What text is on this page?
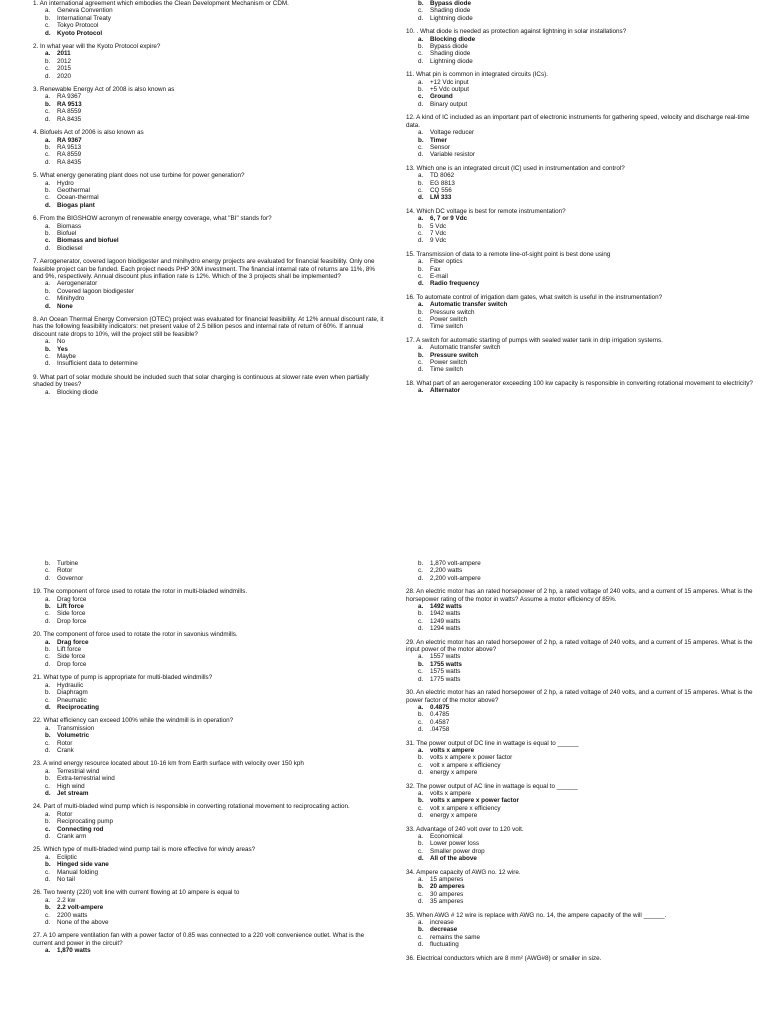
1. An international agreement which embodies the Clean Development Mechanism or CDM.
a. Geneva Convention
b. International Treaty
c. Tokyo Protocol
d. Kyoto Protocol
2. In what year will the Kyoto Protocol expire?
a. 2011
b. 2012
c. 2015
d. 2020
3. Renewable Energy Act of 2008 is also known as
a. RA 9367
b. RA 9513
c. RA 8559
d. RA 8435
4. Biofuels Act of 2006 is also known as
a. RA 9367
b. RA 9513
c. RA 8559
d. RA 8435
5. What energy generating plant does not use turbine for power generation?
a. Hydro
b. Geothermal
c. Ocean-thermal
d. Biogas plant
6. From the BIGSHOW acronym of renewable energy coverage, what "BI" stands for?
a. Biomass
b. Biofuel
c. Biomass and biofuel
d. Biodiesel
7. Aerogenerator, covered lagoon biodigester and minihydro energy projects are evaluated for financial feasibility. Only one feasible project can be funded. Each project needs PHP 30M investment. The financial internal rate of returns are 11%, 8% and 9%, respectively. Annual discount plus inflation rate is 12%. Which of the 3 projects shall be implemented?
a. Aerogenerator
b. Covered lagoon biodigester
c. Minihydro
d. None
8. An Ocean Thermal Energy Conversion (OTEC) project was evaluated for financial feasibility. At 12% annual discount rate, it has the following feasibility indicators: net present value of 2.5 billion pesos and internal rate of return of 60%. If annual discount rate drops to 10%, will the project still be feasible?
a. No
b. Yes
c. Maybe
d. Insufficient data to determine
9. What part of solar module should be included such that solar charging is continuous at slower rate even when partially shaded by trees?
a. Blocking diode
b. Bypass diode
c. Shading diode
d. Lightning diode
10. . What diode is needed as protection against lightning in solar installations?
a. Blocking diode
b. Bypass diode
c. Shading diode
d. Lightning diode
11. What pin is common in integrated circuits (ICs).
a. +12 Vdc input
b. +5 Vdc output
c. Ground
d. Binary output
12. A kind of IC included as an important part of electronic instruments for gathering speed, velocity and discharge real-time data.
a. Voltage reducer
b. Timer
c. Sensor
d. Variable resistor
13. Which one is an integrated circuit (IC) used in instrumentation and control?
a. TD 8062
b. EG 8813
c. CQ 556
d. LM 333
14. Which DC voltage is best for remote instrumentation?
a. 6, 7 or 9 Vdc
b. 5 Vdc
c. 7 Vdc
d. 9 Vdc
15. Transmission of data to a remote line-of-sight point is best done using
a. Fiber optics
b. Fax
c. E-mail
d. Radio frequency
16. To automate control of irrigation dam gates, what switch is useful in the instrumentation?
a. Automatic transfer switch
b. Pressure switch
c. Power switch
d. Time switch
17. A switch for automatic starting of pumps with sealed water tank in drip irrigation systems.
a. Automatic transfer switch
b. Pressure switch
c. Power switch
d. Time switch
18. What part of an aerogenerator exceeding 100 kw capacity is responsible in converting rotational movement to electricity?
a. Alternator
b. Turbine
c. Rotor
d. Governor
19. The component of force used to rotate the rotor in multi-bladed windmills.
a. Drag force
b. Lift force
c. Side force
d. Drop force
20. The component of force used to rotate the rotor in savonius windmills.
a. Drag force
b. Lift force
c. Side force
d. Drop force
21. What type of pump is appropriate for multi-bladed windmills?
a. Hydraulic
b. Diaphragm
c. Pneumatic
d. Reciprocating
22. What efficiency can exceed 100% while the windmill is in operation?
a. Transmission
b. Volumetric
c. Rotor
d. Crank
23. A wind energy resource located about 10-16 km from Earth surface with velocity over 150 kph
a. Terrestrial wind
b. Extra-terrestrial wind
c. High wind
d. Jet stream
24. Part of multi-bladed wind pump which is responsible in converting rotational movement to reciprocating action.
a. Rotor
b. Reciprocating pump
c. Connecting rod
d. Crank arm
25. Which type of multi-bladed wind pump tail is more effective for windy areas?
a. Ecliptic
b. Hinged side vane
c. Manual folding
d. No tail
26. Two twenty (220) volt line with current flowing at 10 ampere is equal to
a. 2.2 kw
b. 2.2 volt-ampere
c. 2200 watts
d. None of the above
27. A 10 ampere ventilation fan with a power factor of 0.85 was connected to a 220 volt convenience outlet. What is the current and power in the circuit?
a. 1,870 watts
b. 1,870 volt-ampere
c. 2,200 watts
d. 2,200 volt-ampere
28. An electric motor has an rated horsepower of 2 hp, a rated voltage of 240 volts, and a current of 15 amperes. What is the horsepower rating of the motor in watts? Assume a motor efficiency of 85%.
a. 1492 watts
b. 1942 watts
c. 1249 watts
d. 1294 watts
29. An electric motor has an rated horsepower of 2 hp, a rated voltage of 240 volts, and a current of 15 amperes. What is the input power of the motor above?
a. 1557 watts
b. 1755 watts
c. 1575 watts
d. 1775 watts
30. An electric motor has an rated horsepower of 2 hp, a rated voltage of 240 volts, and a current of 15 amperes. What is the power factor of the motor above?
a. 0.4875
b. 0.4785
c. 0.4587
d. .04758
31. The power output of DC line in wattage is equal to ______
a. volts x ampere
b. volts x ampere x power factor
c. volt x ampere x efficiency
d. energy x ampere
32. The power output of AC line in wattage is equal to ______
a. volts x ampere
b. volts x ampere x power factor
c. volt x ampere x efficiency
d. energy x ampere
33. Advantage of 240 volt over to 120 volt.
a. Economical
b. Lower power loss
c. Smaller power drop
d. All of the above
34. Ampere capacity of AWG no. 12 wire.
a. 15 amperes
b. 20 amperes
c. 30 amperes
d. 35 amperes
35. When AWG # 12 wire is replace with AWG no. 14, the ampere capacity of the will ______.
a. increase
b. decrease
c. remains the same
d. fluctuating
36. Electrical conductors which are 8 mm² (AWG#8) or smaller in size.
